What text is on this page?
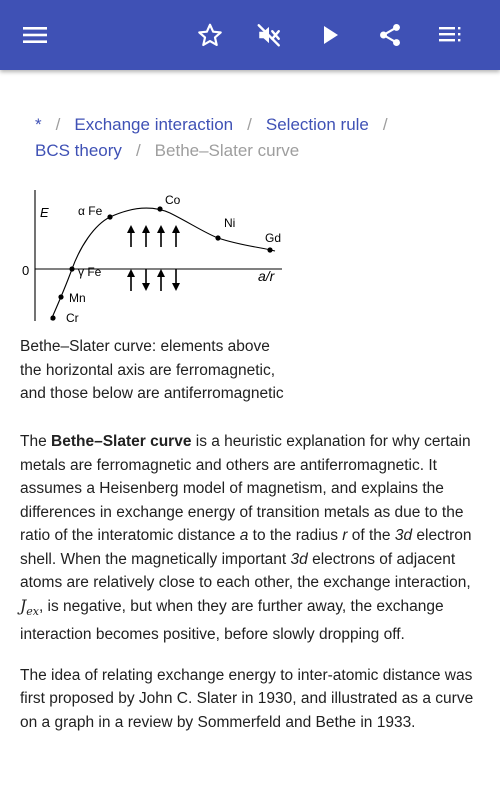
* / Exchange interaction / Selection rule /
BCS theory / Bethe–Slater curve
E
0	a/r
α Fe
Co
Ni
Gd
γ Fe
Mn
Cr
Bethe–Slater curve: elements above the horizontal axis are ferromagnetic, and those below are antiferromagnetic

The Bethe–Slater curve is a heuristic explanation for why certain metals are ferromagnetic and others are antiferromagnetic. It assumes a Heisenberg model of magnetism, and explains the differences in exchange energy of transition metals as due to the ratio of the interatomic distance a to the radius r of the 3d electron shell. When the magnetically important 3d electrons of adjacent atoms are relatively close to each other, the exchange interaction, $J_{ex}$, is negative, but when they are further away, the exchange interaction becomes positive, before slowly dropping off.

The idea of relating exchange energy to inter-atomic distance was first proposed by John C. Slater in 1930, and illustrated as a curve on a graph in a review by Sommerfeld and Bethe in 1933.
